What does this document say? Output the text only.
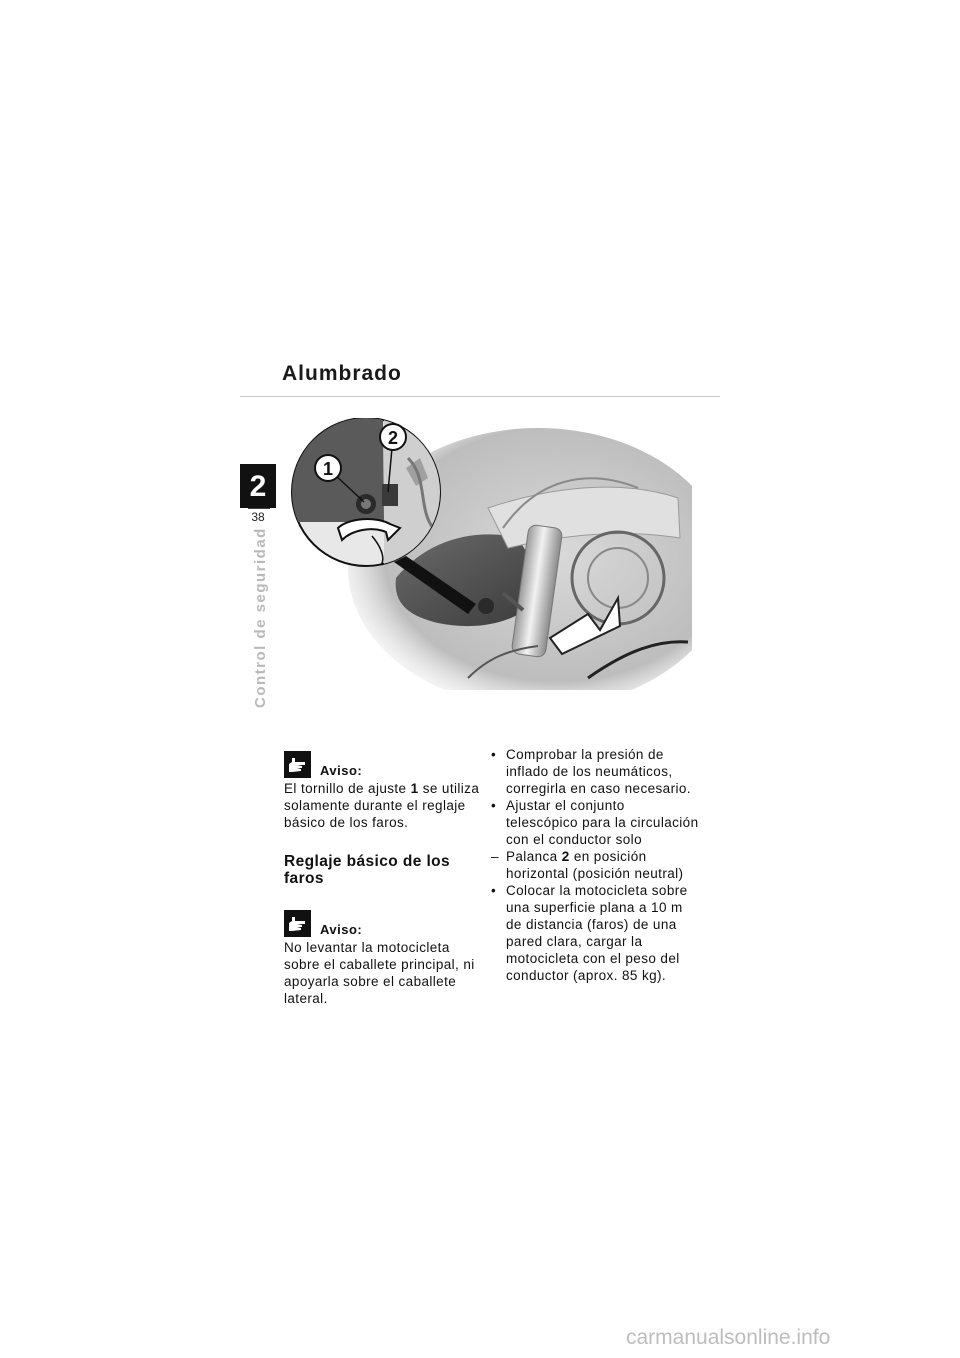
Alumbrado
2
38
Control de seguridad
1
2
Aviso:

El tornillo de ajuste 1 se utiliza solamente durante el reglaje básico de los faros.

Reglaje básico de los faros

Aviso:

No levantar la motocicleta sobre el caballete principal, ni apoyarla sobre el caballete lateral.

• Comprobar la presión de inflado de los neumáticos, corregirla en caso necesario.
• Ajustar el conjunto telescópico para la circulación con el conductor solo
– Palanca 2 en posición horizontal (posición neutral)
• Colocar la motocicleta sobre una superficie plana a 10 m de distancia (faros) de una pared clara, cargar la motocicleta con el peso del conductor (aprox. 85 kg).
carmanualsonline.info
